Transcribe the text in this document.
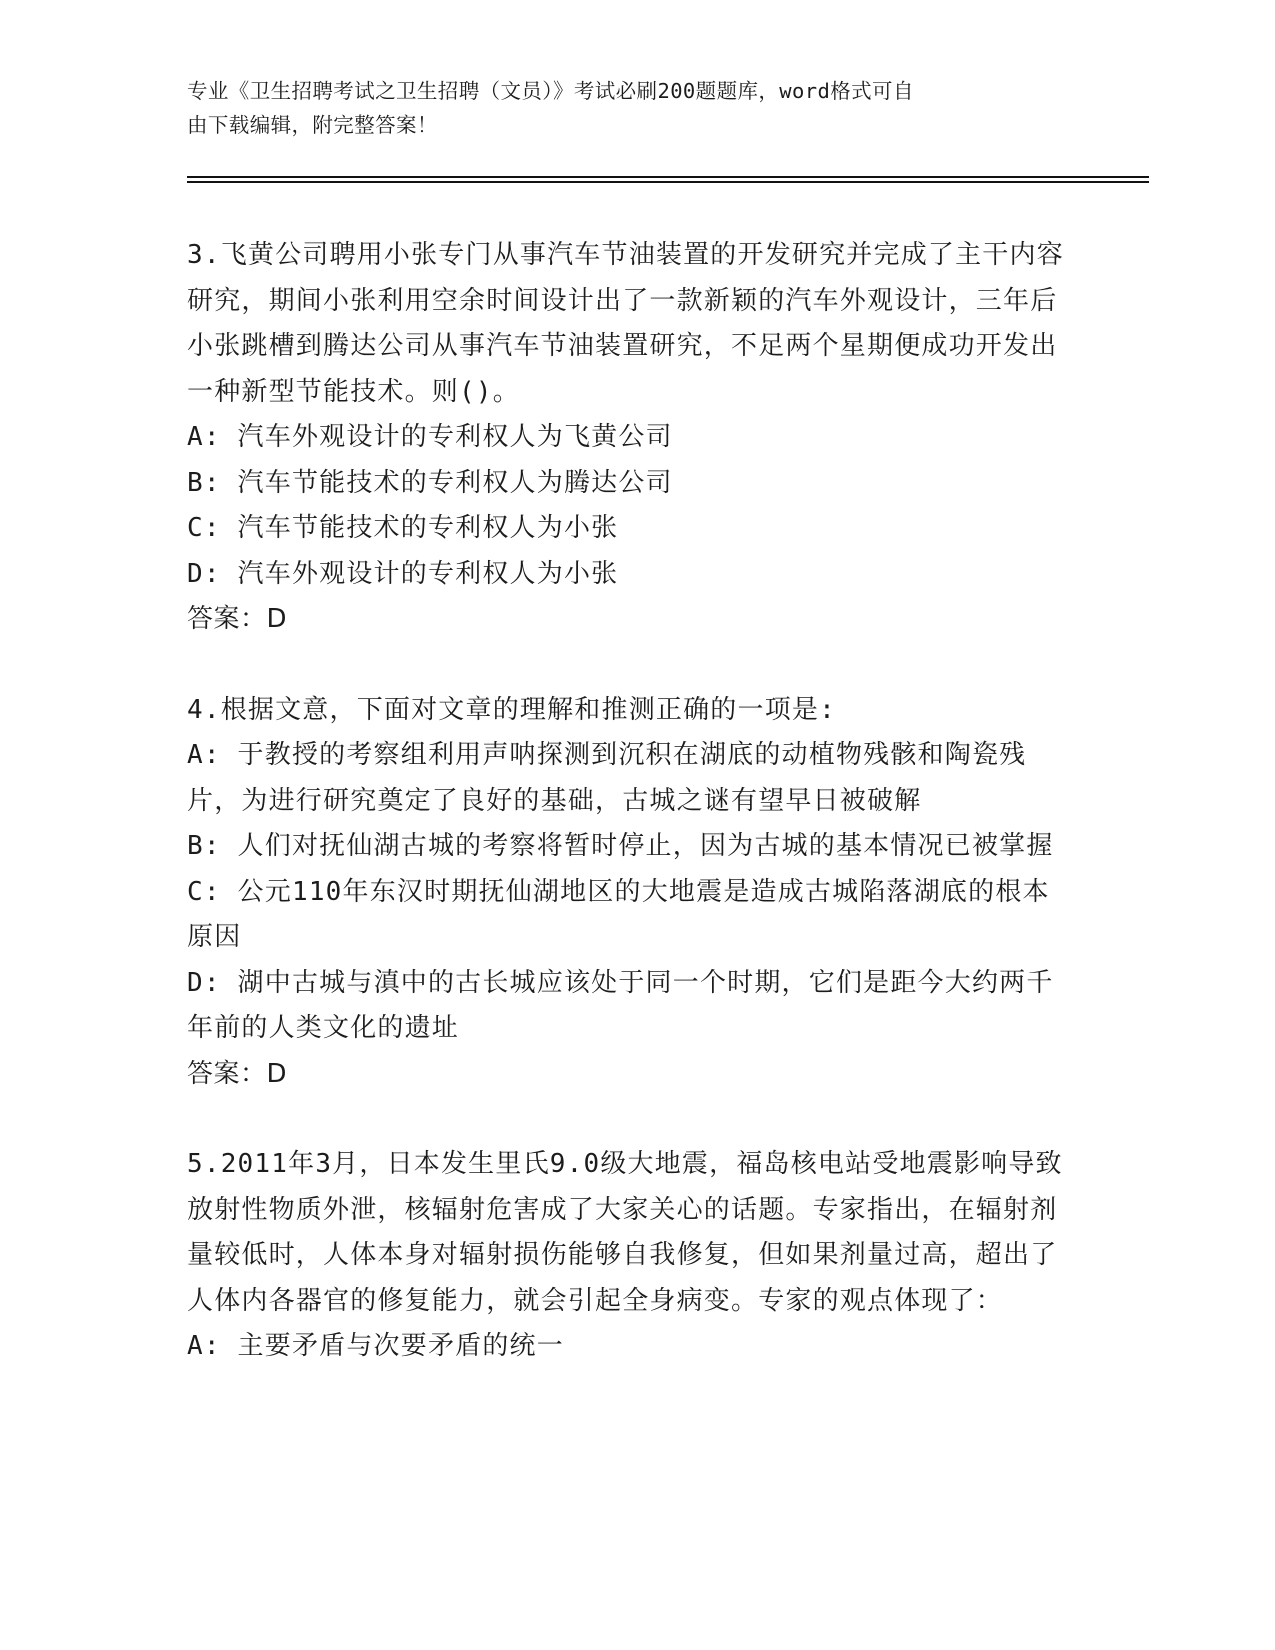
专业《卫生招聘考试之卫生招聘（文员）》考试必刷200题题库，word格式可自
由下载编辑，附完整答案！

3.飞黄公司聘用小张专门从事汽车节油装置的开发研究并完成了主干内容研究，期间小张利用空余时间设计出了一款新颖的汽车外观设计，三年后小张跳槽到腾达公司从事汽车节油装置研究，不足两个星期便成功开发出一种新型节能技术。则()。

A: 汽车外观设计的专利权人为飞黄公司

B: 汽车节能技术的专利权人为腾达公司

C: 汽车节能技术的专利权人为小张

D: 汽车外观设计的专利权人为小张

答案：D

4.根据文意，下面对文章的理解和推测正确的一项是:

A: 于教授的考察组利用声呐探测到沉积在湖底的动植物残骸和陶瓷残片，为进行研究奠定了良好的基础，古城之谜有望早日被破解

B: 人们对抚仙湖古城的考察将暂时停止，因为古城的基本情况已被掌握

C: 公元110年东汉时期抚仙湖地区的大地震是造成古城陷落湖底的根本原因

D: 湖中古城与滇中的古长城应该处于同一个时期，它们是距今大约两千年前的人类文化的遗址

答案：D

5.2011年3月，日本发生里氏9.0级大地震，福岛核电站受地震影响导致放射性物质外泄，核辐射危害成了大家关心的话题。专家指出，在辐射剂量较低时，人体本身对辐射损伤能够自我修复，但如果剂量过高，超出了人体内各器官的修复能力，就会引起全身病变。专家的观点体现了：

A: 主要矛盾与次要矛盾的统一
